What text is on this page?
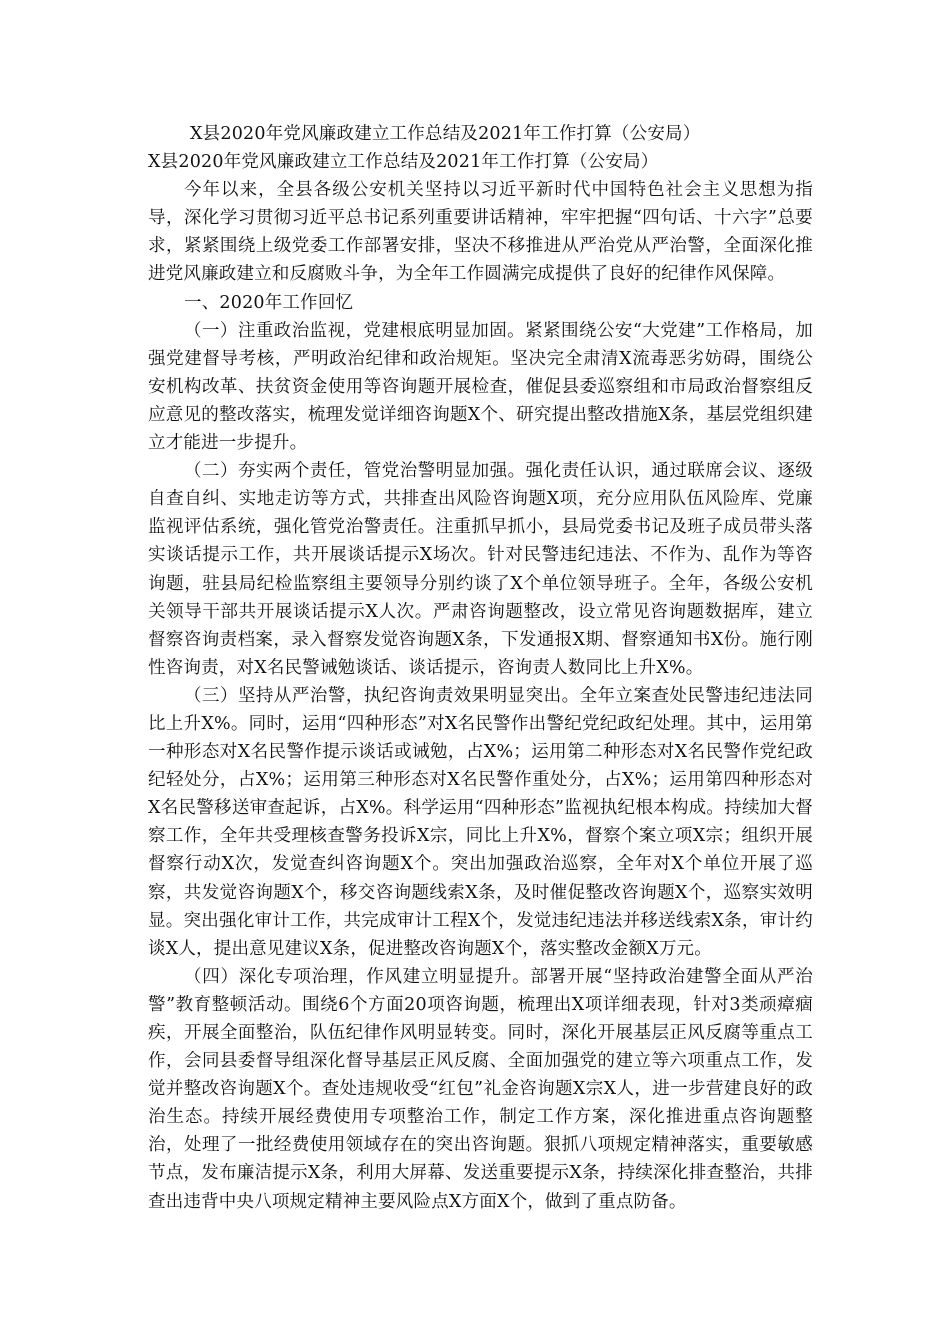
X县2020年党风廉政建立工作总结及2021年工作打算（公安局）

X县2020年党风廉政建立工作总结及2021年工作打算（公安局）

今年以来，全县各级公安机关坚持以习近平新时代中国特色社会主义思想为指导，深化学习贯彻习近平总书记系列重要讲话精神，牢牢把握“四句话、十六字”总要求，紧紧围绕上级党委工作部署安排，坚决不移推进从严治党从严治警，全面深化推进党风廉政建立和反腐败斗争，为全年工作圆满完成提供了良好的纪律作风保障。

一、2020年工作回忆

（一）注重政治监视，党建根底明显加固。紧紧围绕公安“大党建”工作格局，加强党建督导考核，严明政治纪律和政治规矩。坚决完全肃清X流毒恶劣妨碍，围绕公安机构改革、扶贫资金使用等咨询题开展检查，催促县委巡察组和市局政治督察组反应意见的整改落实，梳理发觉详细咨询题X个、研究提出整改措施X条，基层党组织建立才能进一步提升。

（二）夯实两个责任，管党治警明显加强。强化责任认识，通过联席会议、逐级自查自纠、实地走访等方式，共排查出风险咨询题X项，充分应用队伍风险库、党廉监视评估系统，强化管党治警责任。注重抓早抓小，县局党委书记及班子成员带头落实谈话提示工作，共开展谈话提示X场次。针对民警违纪违法、不作为、乱作为等咨询题，驻县局纪检监察组主要领导分别约谈了X个单位领导班子。全年，各级公安机关领导干部共开展谈话提示X人次。严肃咨询题整改，设立常见咨询题数据库，建立督察咨询责档案，录入督察发觉咨询题X条，下发通报X期、督察通知书X份。施行刚性咨询责，对X名民警诫勉谈话、谈话提示，咨询责人数同比上升X%。

（三）坚持从严治警，执纪咨询责效果明显突出。全年立案查处民警违纪违法同比上升X%。同时，运用“四种形态”对X名民警作出警纪党纪政纪处理。其中，运用第一种形态对X名民警作提示谈话或诫勉，占X%；运用第二种形态对X名民警作党纪政纪轻处分，占X%；运用第三种形态对X名民警作重处分，占X%；运用第四种形态对X名民警移送审查起诉，占X%。科学运用“四种形态”监视执纪根本构成。持续加大督察工作，全年共受理核查警务投诉X宗，同比上升X%，督察个案立项X宗；组织开展督察行动X次，发觉查纠咨询题X个。突出加强政治巡察，全年对X个单位开展了巡察，共发觉咨询题X个，移交咨询题线索X条，及时催促整改咨询题X个，巡察实效明显。突出强化审计工作，共完成审计工程X个，发觉违纪违法并移送线索X条，审计约谈X人，提出意见建议X条，促进整改咨询题X个，落实整改金额X万元。

（四）深化专项治理，作风建立明显提升。部署开展“坚持政治建警全面从严治警”教育整顿活动。围绕6个方面20项咨询题，梳理出X项详细表现，针对3类顽瘴痼疾，开展全面整治，队伍纪律作风明显转变。同时，深化开展基层正风反腐等重点工作，会同县委督导组深化督导基层正风反腐、全面加强党的建立等六项重点工作，发觉并整改咨询题X个。查处违规收受“红包”礼金咨询题X宗X人，进一步营建良好的政治生态。持续开展经费使用专项整治工作，制定工作方案，深化推进重点咨询题整治，处理了一批经费使用领域存在的突出咨询题。狠抓八项规定精神落实，重要敏感节点，发布廉洁提示X条，利用大屏幕、发送重要提示X条，持续深化排查整治，共排查出违背中央八项规定精神主要风险点X方面X个，做到了重点防备。
